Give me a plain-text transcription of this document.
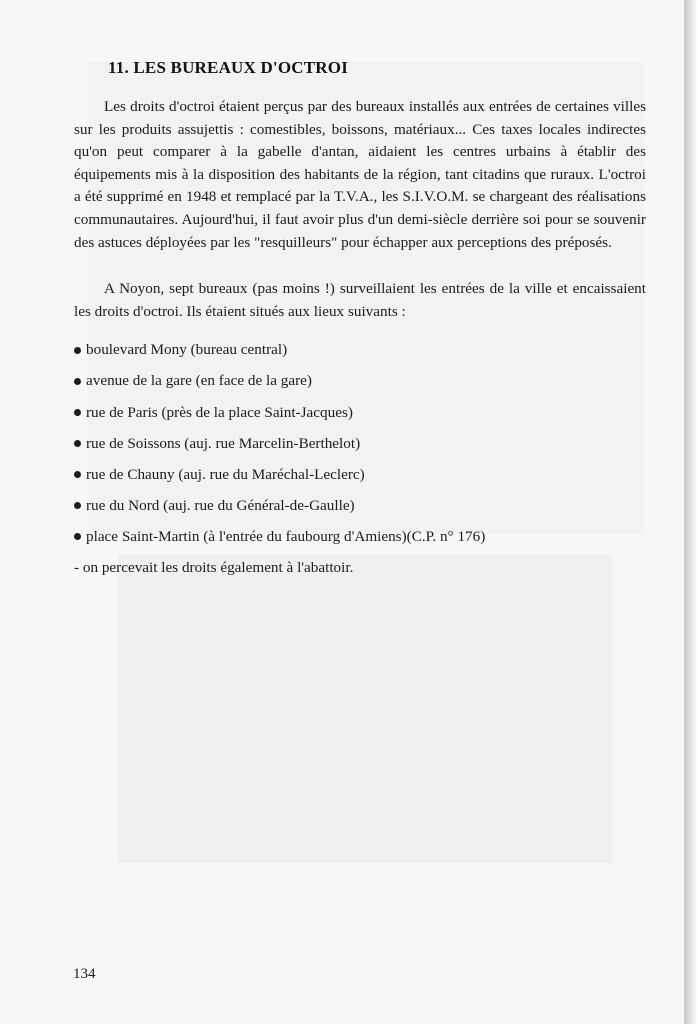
11. LES BUREAUX D'OCTROI

Les droits d'octroi étaient perçus par des bureaux installés aux entrées de certaines villes sur les produits assujettis : comestibles, boissons, matériaux... Ces taxes locales indirectes qu'on peut comparer à la gabelle d'antan, aidaient les centres urbains à établir des équipements mis à la disposition des habitants de la région, tant citadins que ruraux. L'octroi a été supprimé en 1948 et remplacé par la T.V.A., les S.I.V.O.M. se chargeant des réalisations communautaires. Aujourd'hui, il faut avoir plus d'un demi-siècle derrière soi pour se souvenir des astuces déployées par les "resquilleurs" pour échapper aux perceptions des préposés.

A Noyon, sept bureaux (pas moins !) surveillaient les entrées de la ville et encaissaient les droits d'octroi. Ils étaient situés aux lieux suivants :

boulevard Mony (bureau central)
avenue de la gare (en face de la gare)
rue de Paris (près de la place Saint-Jacques)
rue de Soissons (auj. rue Marcelin-Berthelot)
rue de Chauny (auj. rue du Maréchal-Leclerc)
rue du Nord (auj. rue du Général-de-Gaulle)
place Saint-Martin (à l'entrée du faubourg d'Amiens)(C.P. n° 176)

- on percevait les droits également à l'abattoir.

134
